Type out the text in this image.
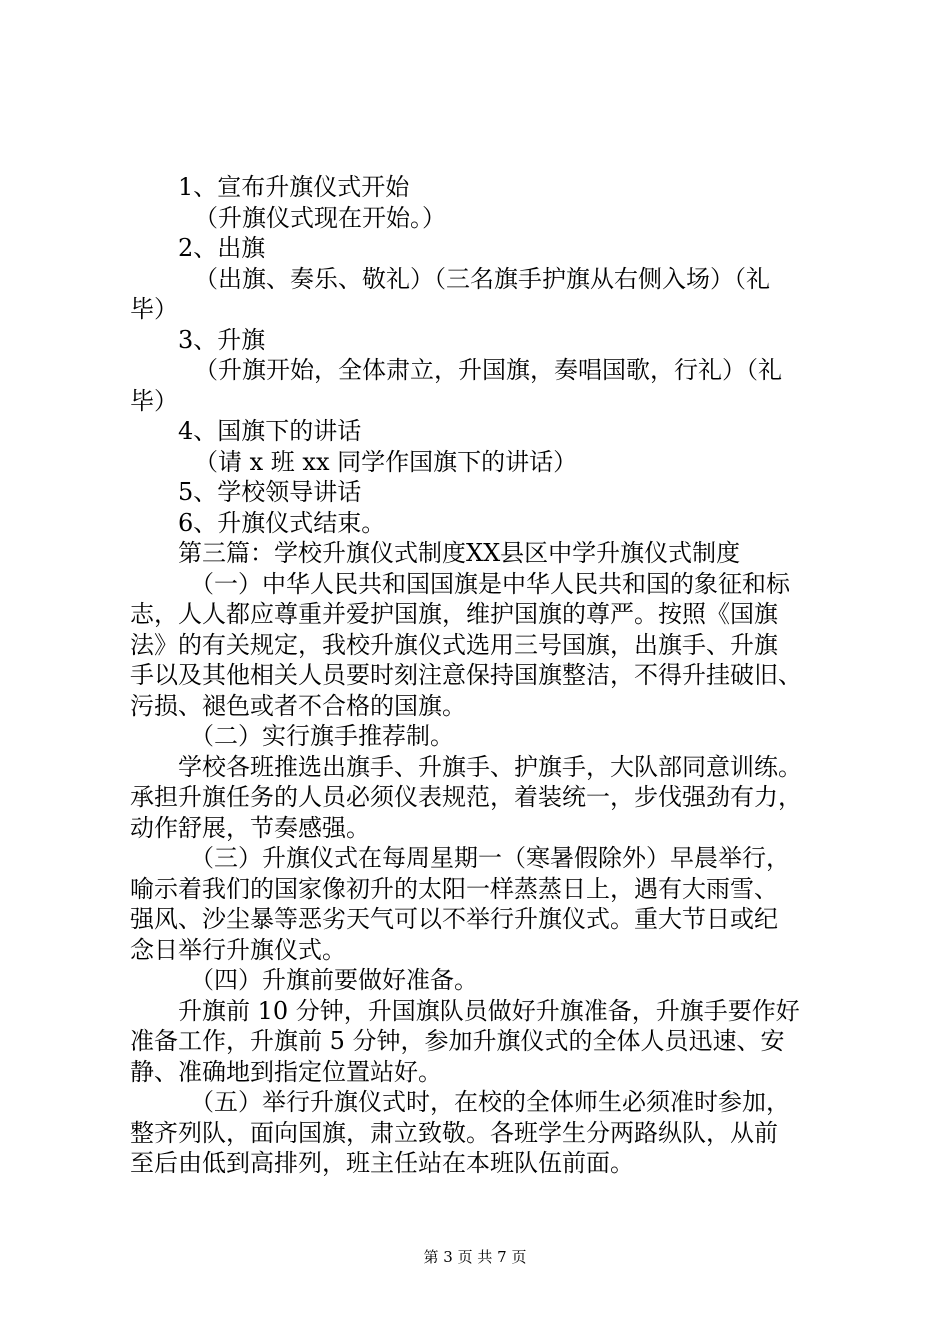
1、宣布升旗仪式开始
（升旗仪式现在开始。）
2、出旗
（出旗、奏乐、敬礼）（三名旗手护旗从右侧入场）（礼
毕）
3、升旗
（升旗开始，全体肃立，升国旗，奏唱国歌，行礼）（礼
毕）
4、国旗下的讲话
（请 x 班 xx 同学作国旗下的讲话）
5、学校领导讲话
6、升旗仪式结束。
第三篇：学校升旗仪式制度XX县区中学升旗仪式制度
（一）中华人民共和国国旗是中华人民共和国的象征和标
志，人人都应尊重并爱护国旗，维护国旗的尊严。按照《国旗
法》的有关规定，我校升旗仪式选用三号国旗，出旗手、升旗
手以及其他相关人员要时刻注意保持国旗整洁，不得升挂破旧、
污损、褪色或者不合格的国旗。
（二）实行旗手推荐制。
学校各班推选出旗手、升旗手、护旗手，大队部同意训练。
承担升旗任务的人员必须仪表规范，着装统一，步伐强劲有力，
动作舒展，节奏感强。
（三）升旗仪式在每周星期一（寒暑假除外）早晨举行，
喻示着我们的国家像初升的太阳一样蒸蒸日上，遇有大雨雪、
强风、沙尘暴等恶劣天气可以不举行升旗仪式。重大节日或纪
念日举行升旗仪式。
（四）升旗前要做好准备。
升旗前 10 分钟，升国旗队员做好升旗准备，升旗手要作好
准备工作，升旗前 5 分钟，参加升旗仪式的全体人员迅速、安
静、准确地到指定位置站好。
（五）举行升旗仪式时，在校的全体师生必须准时参加，
整齐列队，面向国旗，肃立致敬。各班学生分两路纵队，从前
至后由低到高排列，班主任站在本班队伍前面。
第 3 页 共 7 页
